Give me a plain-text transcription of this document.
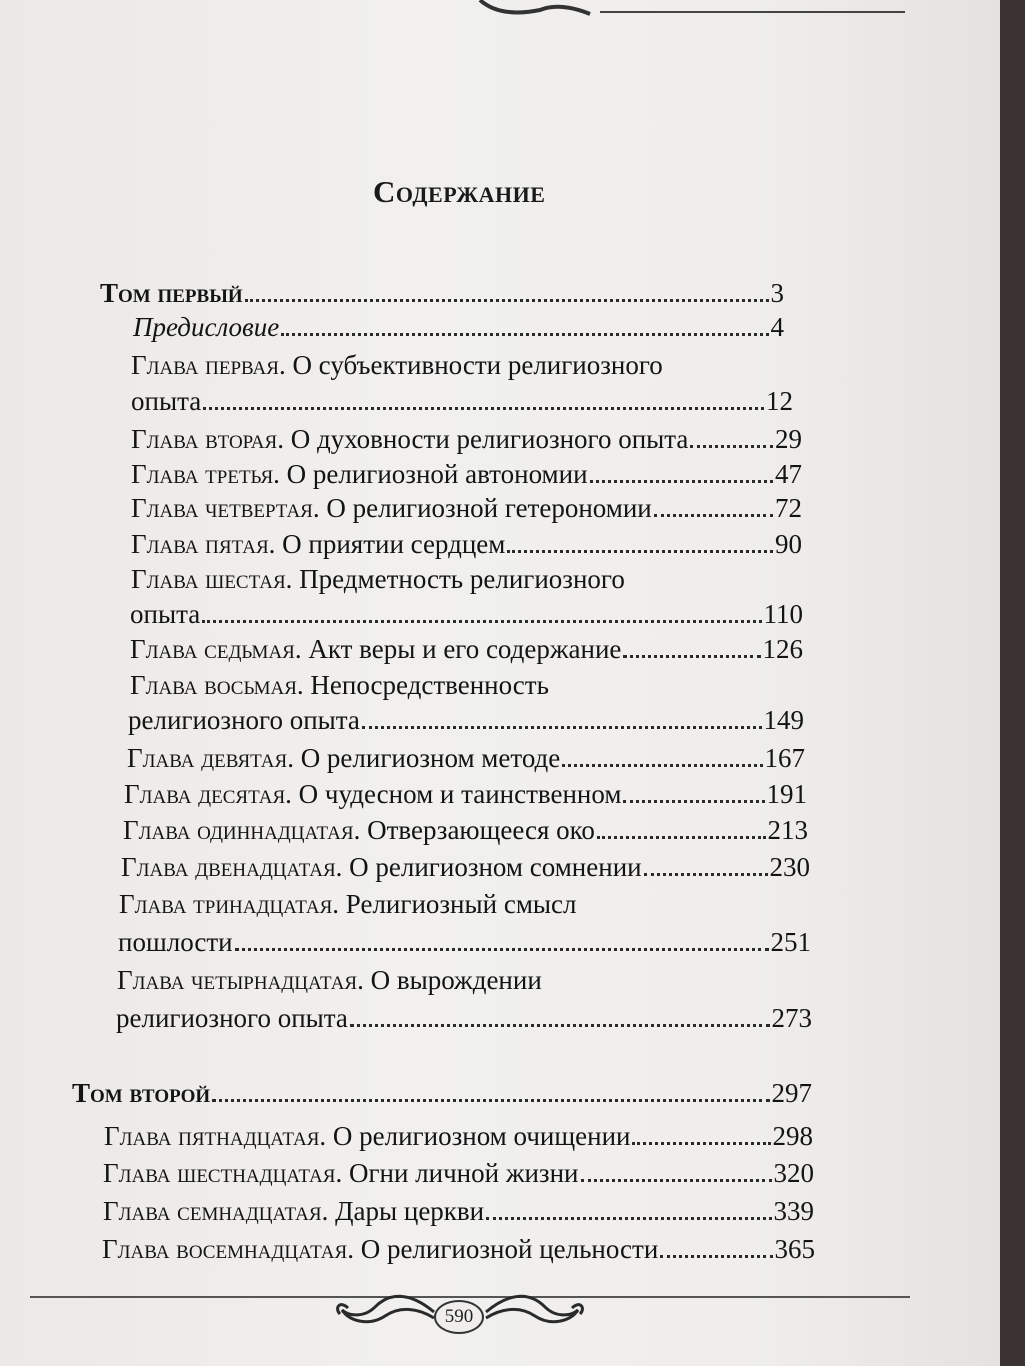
Содержание
Том первый	3
Предисловие	4
Глава первая. О субъективности религиозного
опыта	12
Глава вторая. О духовности религиозного опыта	29
Глава третья. О религиозной автономии	47
Глава четвертая. О религиозной гетерономии	72
Глава пятая. О приятии сердцем	90
Глава шестая. Предметность религиозного
опыта	110
Глава седьмая. Акт веры и его содержание	126
Глава восьмая. Непосредственность
религиозного опыта	149
Глава девятая. О религиозном методе	167
Глава десятая. О чудесном и таинственном	191
Глава одиннадцатая. Отверзающееся око	213
Глава двенадцатая. О религиозном сомнении	230
Глава тринадцатая. Религиозный смысл
пошлости	251
Глава четырнадцатая. О вырождении
религиозного опыта	273
Том второй	297
Глава пятнадцатая. О религиозном очищении	298
Глава шестнадцатая. Огни личной жизни	320
Глава семнадцатая. Дары церкви	339
Глава восемнадцатая. О религиозной цельности	365
590
